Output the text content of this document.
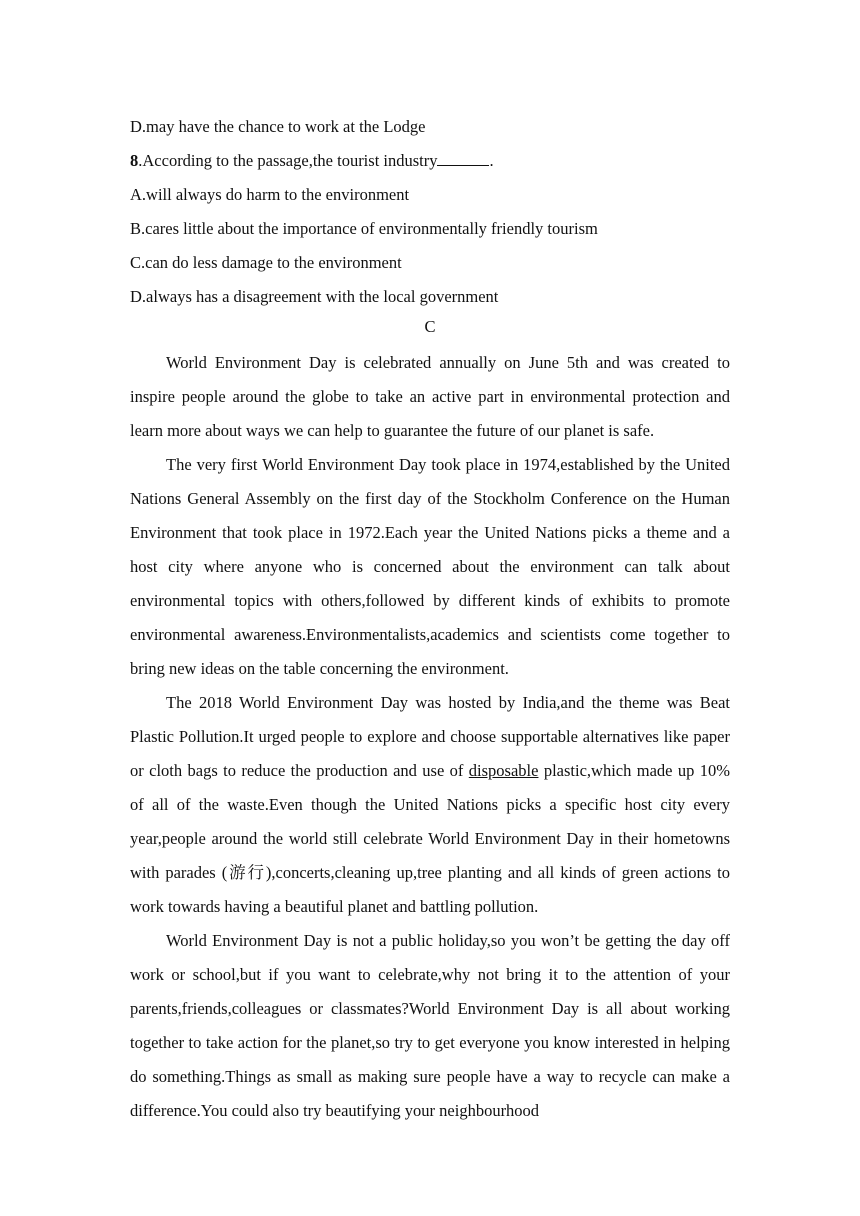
D.may have the chance to work at the Lodge

8.According to the passage,the tourist industry	.

A.will always do harm to the environment

B.cares little about the importance of environmentally friendly tourism

C.can do less damage to the environment

D.always has a disagreement with the local government

C

World Environment Day is celebrated annually on June 5th and was created to inspire people around the globe to take an active part in environmental protection and learn more about ways we can help to guarantee the future of our planet is safe.

The very first World Environment Day took place in 1974,established by the United Nations General Assembly on the first day of the Stockholm Conference on the Human Environment that took place in 1972.Each year the United Nations picks a theme and a host city where anyone who is concerned about the environment can talk about environmental topics with others,followed by different kinds of exhibits to promote environmental awareness.Environmentalists,academics and scientists come together to bring new ideas on the table concerning the environment.

The 2018 World Environment Day was hosted by India,and the theme was Beat Plastic Pollution.It urged people to explore and choose supportable alternatives like paper or cloth bags to reduce the production and use of disposable plastic,which made up 10% of all of the waste.Even though the United Nations picks a specific host city every year,people around the world still celebrate World Environment Day in their hometowns with parades (游行),concerts,cleaning up,tree planting and all kinds of green actions to work towards having a beautiful planet and battling pollution.

World Environment Day is not a public holiday,so you won’t be getting the day off work or school,but if you want to celebrate,why not bring it to the attention of your parents,friends,colleagues or classmates?World Environment Day is all about working together to take action for the planet,so try to get everyone you know interested in helping do something.Things as small as making sure people have a way to recycle can make a difference.You could also try beautifying your neighbourhood
